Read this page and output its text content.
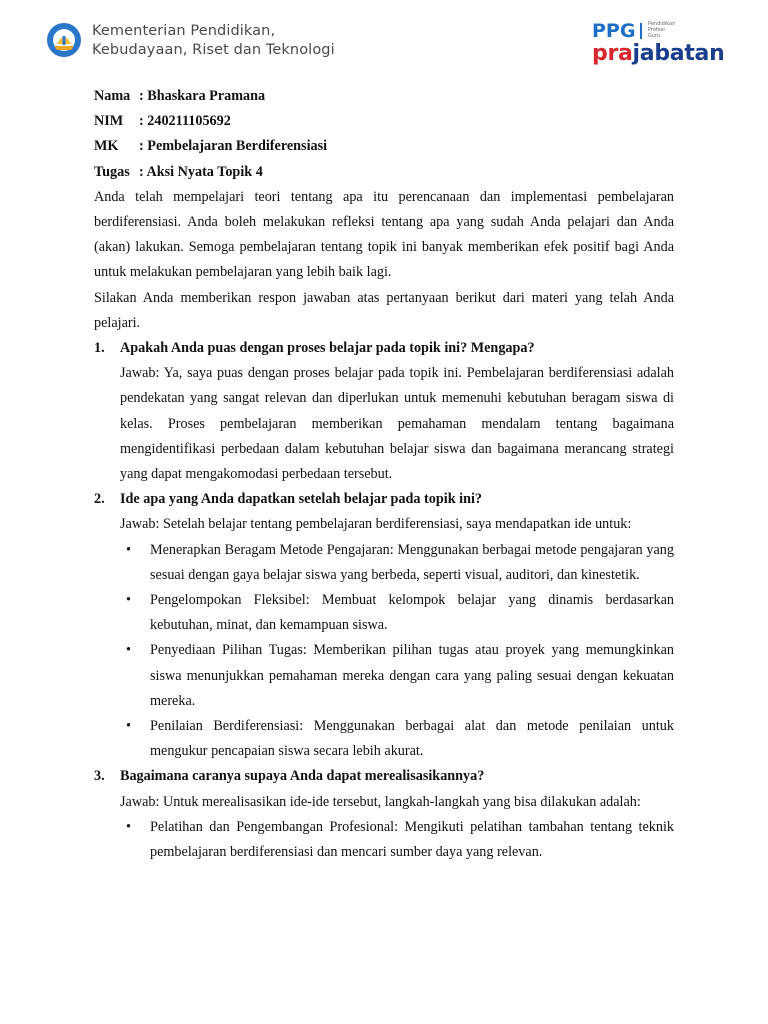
Kementerian Pendidikan,
Kebudayaan, Riset dan Teknologi
PPG	Pendidikan Profesi Guru
prajabatan
Nama : Bhaskara Pramana
NIM	: 240211105692
MK	: Pembelajaran Berdiferensiasi
Tugas : Aksi Nyata Topik 4

Anda telah mempelajari teori tentang apa itu perencanaan dan implementasi pembelajaran berdiferensiasi. Anda boleh melakukan refleksi tentang apa yang sudah Anda pelajari dan Anda (akan) lakukan. Semoga pembelajaran tentang topik ini banyak memberikan efek positif bagi Anda untuk melakukan pembelajaran yang lebih baik lagi.

Silakan Anda memberikan respon jawaban atas pertanyaan berikut dari materi yang telah Anda pelajari.

1.	Apakah Anda puas dengan proses belajar pada topik ini? Mengapa?
Jawab: Ya, saya puas dengan proses belajar pada topik ini. Pembelajaran berdiferensiasi adalah pendekatan yang sangat relevan dan diperlukan untuk memenuhi kebutuhan beragam siswa di kelas. Proses pembelajaran memberikan pemahaman mendalam tentang bagaimana mengidentifikasi perbedaan dalam kebutuhan belajar siswa dan bagaimana merancang strategi yang dapat mengakomodasi perbedaan tersebut.
2.	Ide apa yang Anda dapatkan setelah belajar pada topik ini?
Jawab: Setelah belajar tentang pembelajaran berdiferensiasi, saya mendapatkan ide untuk:
•	Menerapkan Beragam Metode Pengajaran: Menggunakan berbagai metode pengajaran yang sesuai dengan gaya belajar siswa yang berbeda, seperti visual, auditori, dan kinestetik.
•	Pengelompokan Fleksibel: Membuat kelompok belajar yang dinamis berdasarkan kebutuhan, minat, dan kemampuan siswa.
•	Penyediaan Pilihan Tugas: Memberikan pilihan tugas atau proyek yang memungkinkan siswa menunjukkan pemahaman mereka dengan cara yang paling sesuai dengan kekuatan mereka.
•	Penilaian Berdiferensiasi: Menggunakan berbagai alat dan metode penilaian untuk mengukur pencapaian siswa secara lebih akurat.
3.	Bagaimana caranya supaya Anda dapat merealisasikannya?
Jawab: Untuk merealisasikan ide-ide tersebut, langkah-langkah yang bisa dilakukan adalah:
•	Pelatihan dan Pengembangan Profesional: Mengikuti pelatihan tambahan tentang teknik pembelajaran berdiferensiasi dan mencari sumber daya yang relevan.
